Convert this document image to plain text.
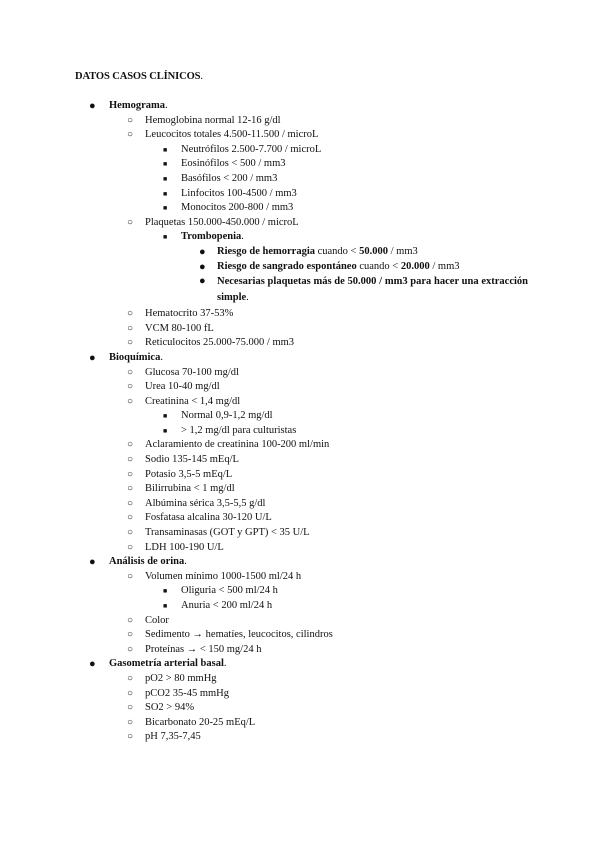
DATOS CASOS CLÍNICOS.
●	Hemograma.
○	Hemoglobina normal 12-16 g/dl
○	Leucocitos totales 4.500-11.500 / microL
■	Neutrófilos 2.500-7.700 / microL
■	Eosinófilos < 500 / mm3
■	Basófilos < 200 / mm3
■	Linfocitos 100-4500 / mm3
■	Monocitos 200-800 / mm3
○	Plaquetas 150.000-450.000 / microL
■	Trombopenia.
●	Riesgo de hemorragia cuando < 50.000 / mm3
●	Riesgo de sangrado espontáneo cuando < 20.000 / mm3
●	Necesarias plaquetas más de 50.000 / mm3 para hacer una extracción simple.
○	Hematocrito 37-53%
○	VCM 80-100 fL
○	Reticulocitos 25.000-75.000 / mm3
●	Bioquímica.
○	Glucosa 70-100 mg/dl
○	Urea 10-40 mg/dl
○	Creatinina < 1,4 mg/dl
■	Normal 0,9-1,2 mg/dl
■	> 1,2 mg/dl para culturistas
○	Aclaramiento de creatinina 100-200 ml/min
○	Sodio 135-145 mEq/L
○	Potasio 3,5-5 mEq/L
○	Bilirrubina < 1 mg/dl
○	Albúmina sérica 3,5-5,5 g/dl
○	Fosfatasa alcalina 30-120 U/L
○	Transaminasas (GOT y GPT) < 35 U/L
○	LDH 100-190 U/L
●	Análisis de orina.
○	Volumen mínimo 1000-1500 ml/24 h
■	Oliguria < 500 ml/24 h
■	Anuria < 200 ml/24 h
○	Color
○	Sedimento → hematíes, leucocitos, cilindros
○	Proteínas → < 150 mg/24 h
●	Gasometría arterial basal.
○	pO2 > 80 mmHg
○	pCO2 35-45 mmHg
○	SO2 > 94%
○	Bicarbonato 20-25 mEq/L
○	pH 7,35-7,45
